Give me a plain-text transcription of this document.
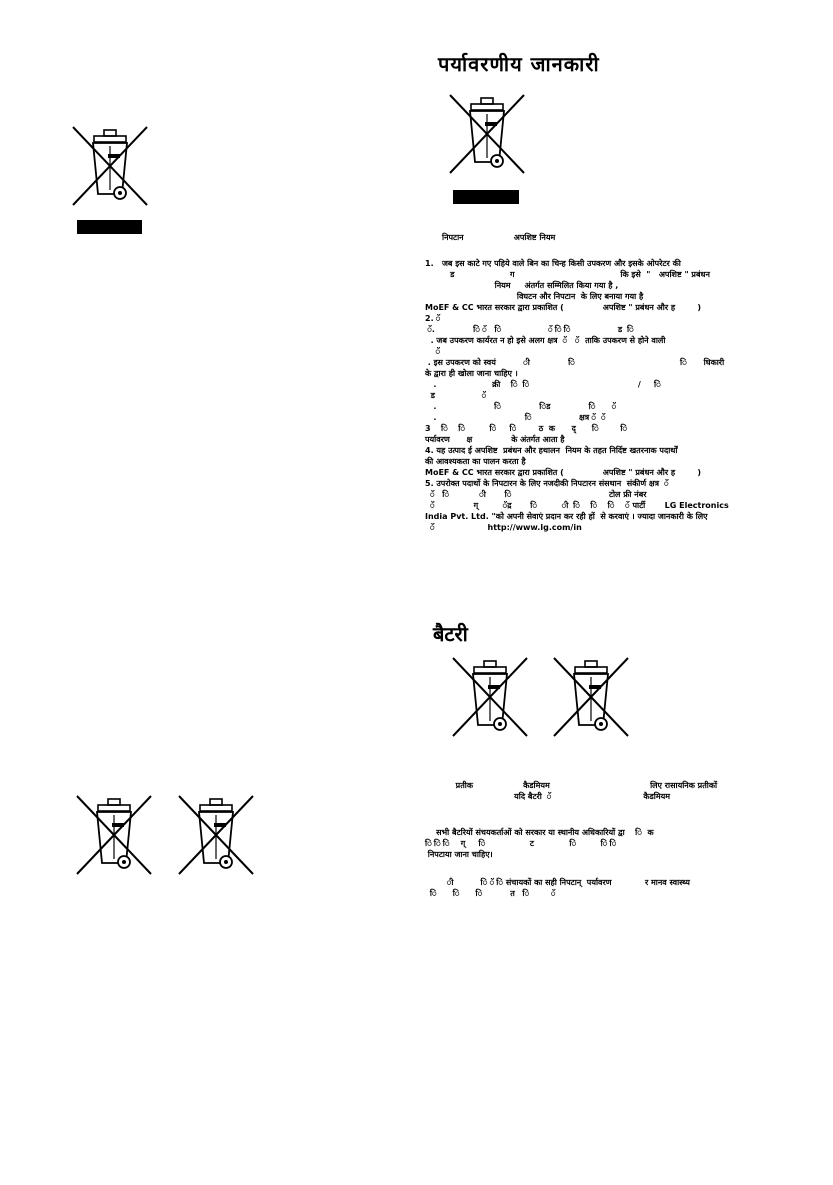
पर्यावरणीय जानकारी
निपटान                  अपशिष्ट नियम
1.   जब इस काटे गए पहिये वाले बिन का चिन्ह किसी उपकरण और इसके ओपरेटर की
ड                    ग                                      कि इसे  "   अपशिष्ट " प्रबंधन
नियम     अंतर्गत सम्मिलित किया गया है ,
विघटन और निपटान  के लिए बनाया गया है
MoEF & CC भारत सरकार द्वारा प्रकाशित (              अपशिष्ट " प्रबंधन और ह        )
2. ॅ
ॅ.              ि ॅ   ि                 ॅ ि ि                 ड  ि
. जब उपकरण कार्यरत न हो इसे अलग क्षत्र  ॅ   ॅ  ताकि उपकरण से होने वाली
ॅ
. इस उपकरण को स्वयं          ी              ि                                      ि      धिकारी
के द्वारा ही खोला जाना चाहिए ।
.                    क्री    ि  ि                                       /     ि
ड                 ॅ
.                     ि              िड              ि      ॅ
.                                ि                 क्षत्र ॅ  ॅ
3    ि    ि         ि     ि        ठ  क      द्      ि        ि
पर्यावरण      क्ष              के अंतर्गत आता है
4. यह उत्पाद ई अपशिष्ट  प्रबंधन और हथालन  नियम के तहत निर्दिष्ट खतरनाक पदार्थों
की आवश्यकता का पालन करता है
MoEF & CC भारत सरकार द्वारा प्रकाशित (              अपशिष्ट " प्रबंधन और ह        )
5. उपरोक्त पदार्थो के निपटारन के लिए नजदीकी निपटारन संसथान  संकीर्ण क्षत्र  ॅ
ॅ   ि           ी       ि                                   टोल फ्री नंबर
ॅ              ग्         ॅद्र       ि         ी  ि    ि    ि    ॅ पार्टी       LG Electronics
India Pvt. Ltd. "को अपनी सेवाएं प्रदान कर रही हों  से करवाएं । ज्यादा जानकारी के लिए
ॅ                   http://www.lg.com/in
बैटरी
प्रतीक                  कैडमियम                                    लिए रासायनिक प्रतीकों
यदि बैटरी  ॅ                                 कैडमियम
सभी बैटरियों संचयकर्ताओं को सरकार या स्थानीय अधिकारियों द्वा    ि  क
ि ि ि    ग्     ि                ट             ि         ि ि
निपटाया जाना चाहिए।
ी          ि ॅ ि संचायकों का सही निपटान्  पर्यावरण            र मानव स्वास्थ्य
ि      ि      ि          त   ि        ॅ
